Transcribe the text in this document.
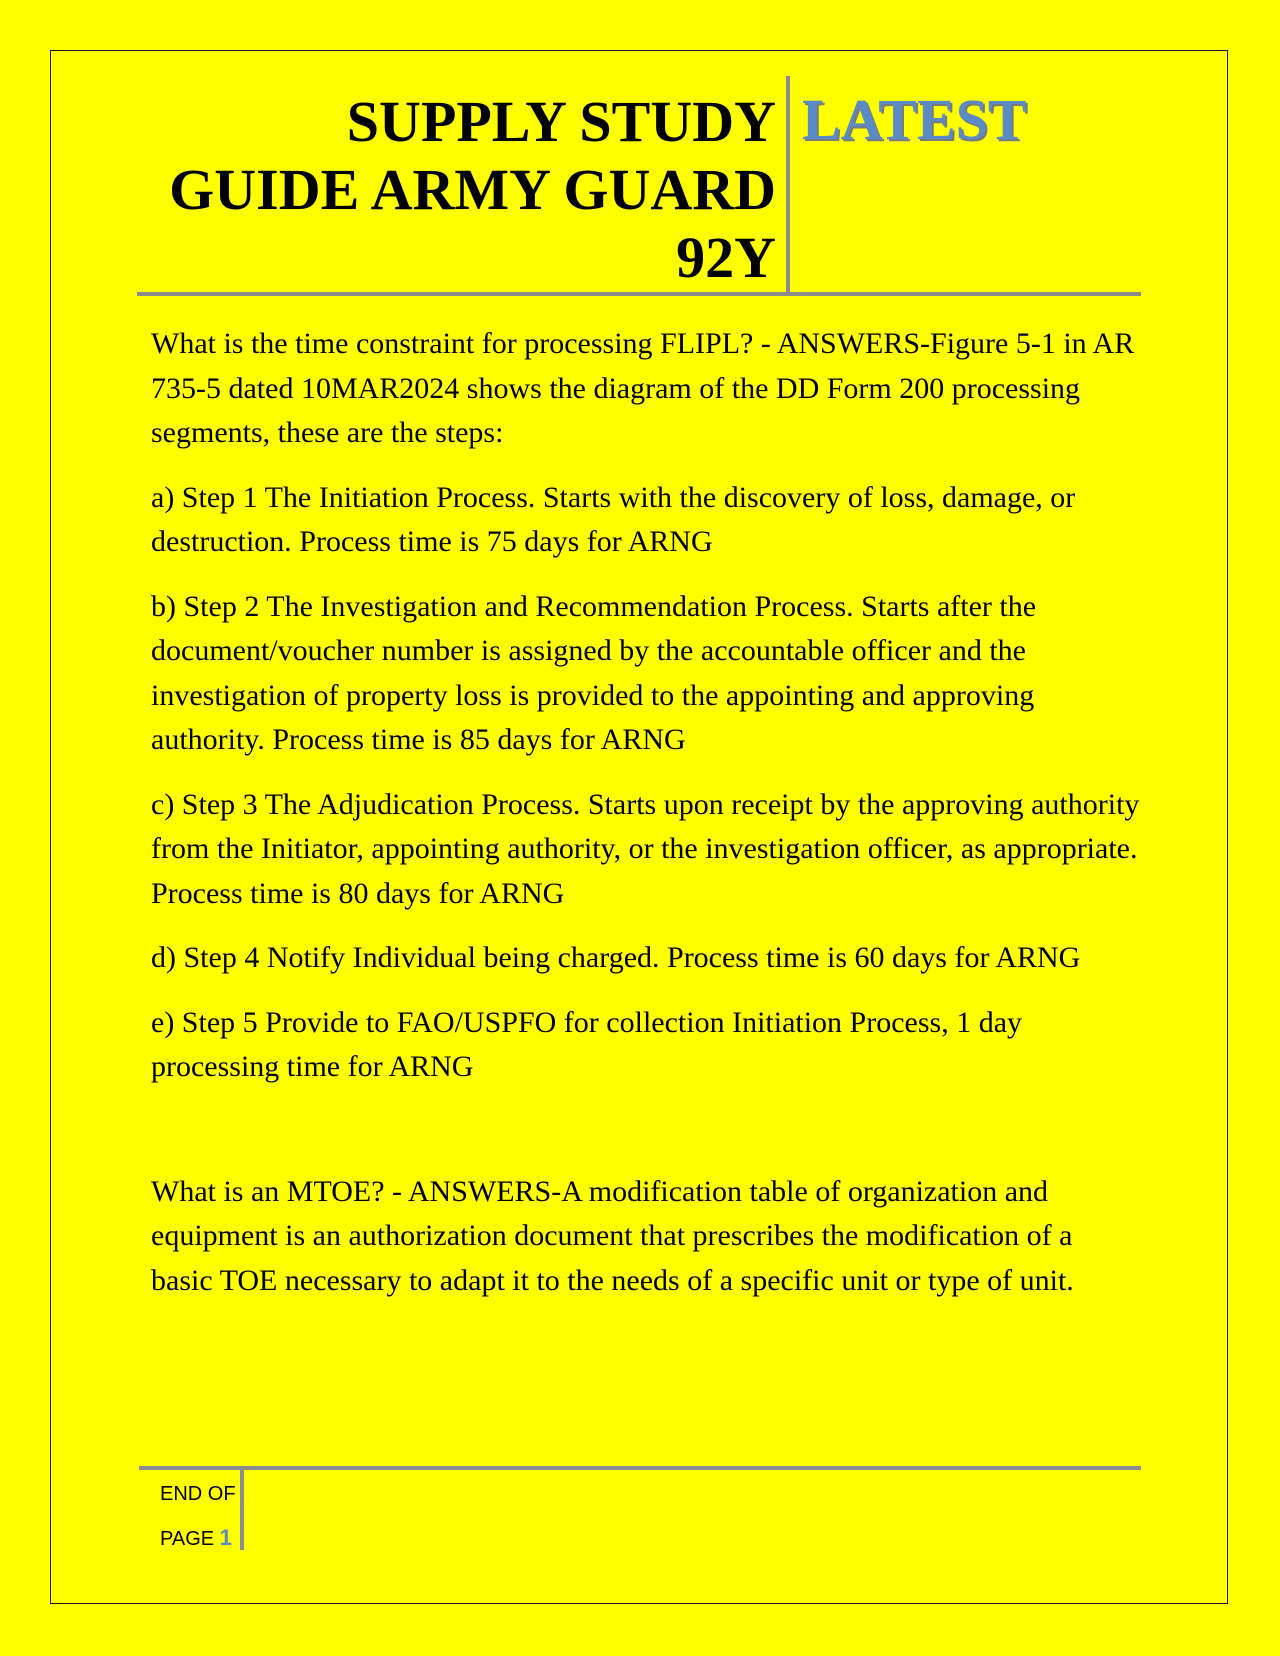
SUPPLY STUDY
GUIDE ARMY GUARD
92Y
LATEST

What is the time constraint for processing FLIPL? - ANSWERS-Figure 5-1 in AR 735-5 dated 10MAR2024 shows the diagram of the DD Form 200 processing segments, these are the steps:

a) Step 1 The Initiation Process. Starts with the discovery of loss, damage, or destruction. Process time is 75 days for ARNG

b) Step 2 The Investigation and Recommendation Process. Starts after the document/voucher number is assigned by the accountable officer and the investigation of property loss is provided to the appointing and approving authority. Process time is 85 days for ARNG

c) Step 3 The Adjudication Process. Starts upon receipt by the approving authority from the Initiator, appointing authority, or the investigation officer, as appropriate. Process time is 80 days for ARNG

d) Step 4 Notify Individual being charged. Process time is 60 days for ARNG

e) Step 5 Provide to FAO/USPFO for collection Initiation Process, 1 day processing time for ARNG

What is an MTOE? - ANSWERS-A modification table of organization and equipment is an authorization document that prescribes the modification of a basic TOE necessary to adapt it to the needs of a specific unit or type of unit.

END OF
PAGE 1
